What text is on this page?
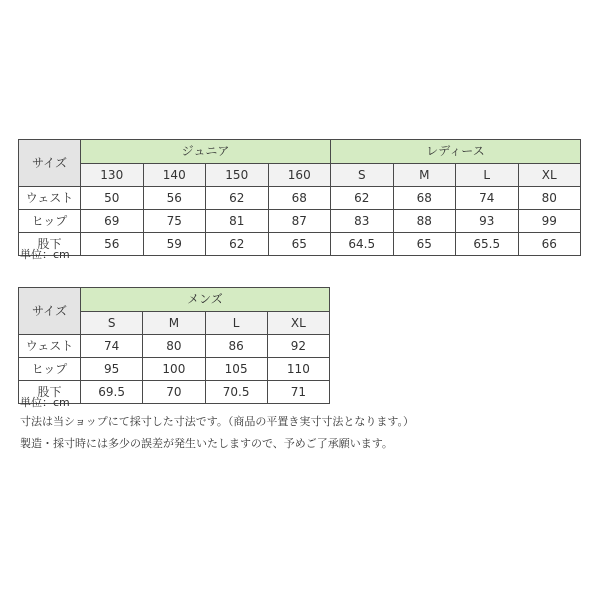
サイズ	ジュニア				レディース			
	130	140	150	160	S	M	L	XL
ウェスト	50	56	62	68	62	68	74	80
ヒップ	69	75	81	87	83	88	93	99
股下	56	59	62	65	64.5	65	65.5	66
単位：cm
サイズ	メンズ			
	S	M	L	XL
ウェスト	74	80	86	92
ヒップ	95	100	105	110
股下	69.5	70	70.5	71
単位：cm
寸法は当ショップにて採寸した寸法です。（商品の平置き実寸寸法となります。）
製造・採寸時には多少の誤差が発生いたしますので、予めご了承願います。
